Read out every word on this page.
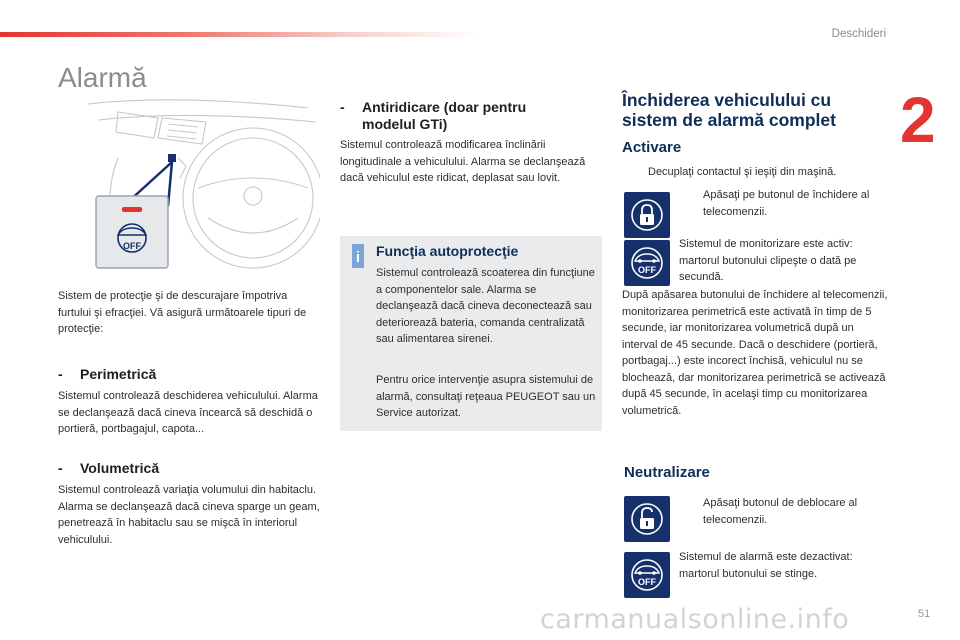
Deschideri
2
Alarmă
OFF
Sistem de protecţie şi de descurajare împotriva furtului şi efracţiei. Vă asigură următoarele tipuri de protecţie:
- Perimetrică
Sistemul controlează deschiderea vehiculului. Alarma se declanşează dacă cineva încearcă să deschidă o portieră, portbagajul, capota...
- Volumetrică
Sistemul controlează variaţia volumului din habitaclu. Alarma se declanşează dacă cineva sparge un geam, penetrează în habitaclu sau se mişcă în interiorul vehiculului.
- Antiridicare (doar pentru modelul GTi)
Sistemul controlează modificarea înclinării longitudinale a vehiculului. Alarma se declanşează dacă vehiculul este ridicat, deplasat sau lovit.
i Funcţia autoprotecţie
Sistemul controlează scoaterea din funcţiune a componentelor sale. Alarma se declanşează dacă cineva deconectează sau deteriorează bateria, comanda centralizată sau alimentarea sirenei.
Pentru orice intervenţie asupra sistemului de alarmă, consultaţi reţeaua PEUGEOT sau un Service autorizat.
Închiderea vehiculului cu sistem de alarmă complet
Activare
Decuplaţi contactul şi ieşiţi din maşină.
Apăsaţi pe butonul de închidere al telecomenzii.
OFF
Sistemul de monitorizare este activ: martorul butonului clipeşte o dată pe secundă.
După apăsarea butonului de închidere al telecomenzii, monitorizarea perimetrică este activată în timp de 5 secunde, iar monitorizarea volumetrică după un interval de 45 secunde. Dacă o deschidere (portieră, portbagaj...) este incorect închisă, vehiculul nu se blochează, dar monitorizarea perimetrică se activează după 45 secunde, în acelaşi timp cu monitorizarea volumetrică.
Neutralizare
Apăsaţi butonul de deblocare al telecomenzii.
OFF
Sistemul de alarmă este dezactivat: martorul butonului se stinge.
51
carmanualsonline.info
